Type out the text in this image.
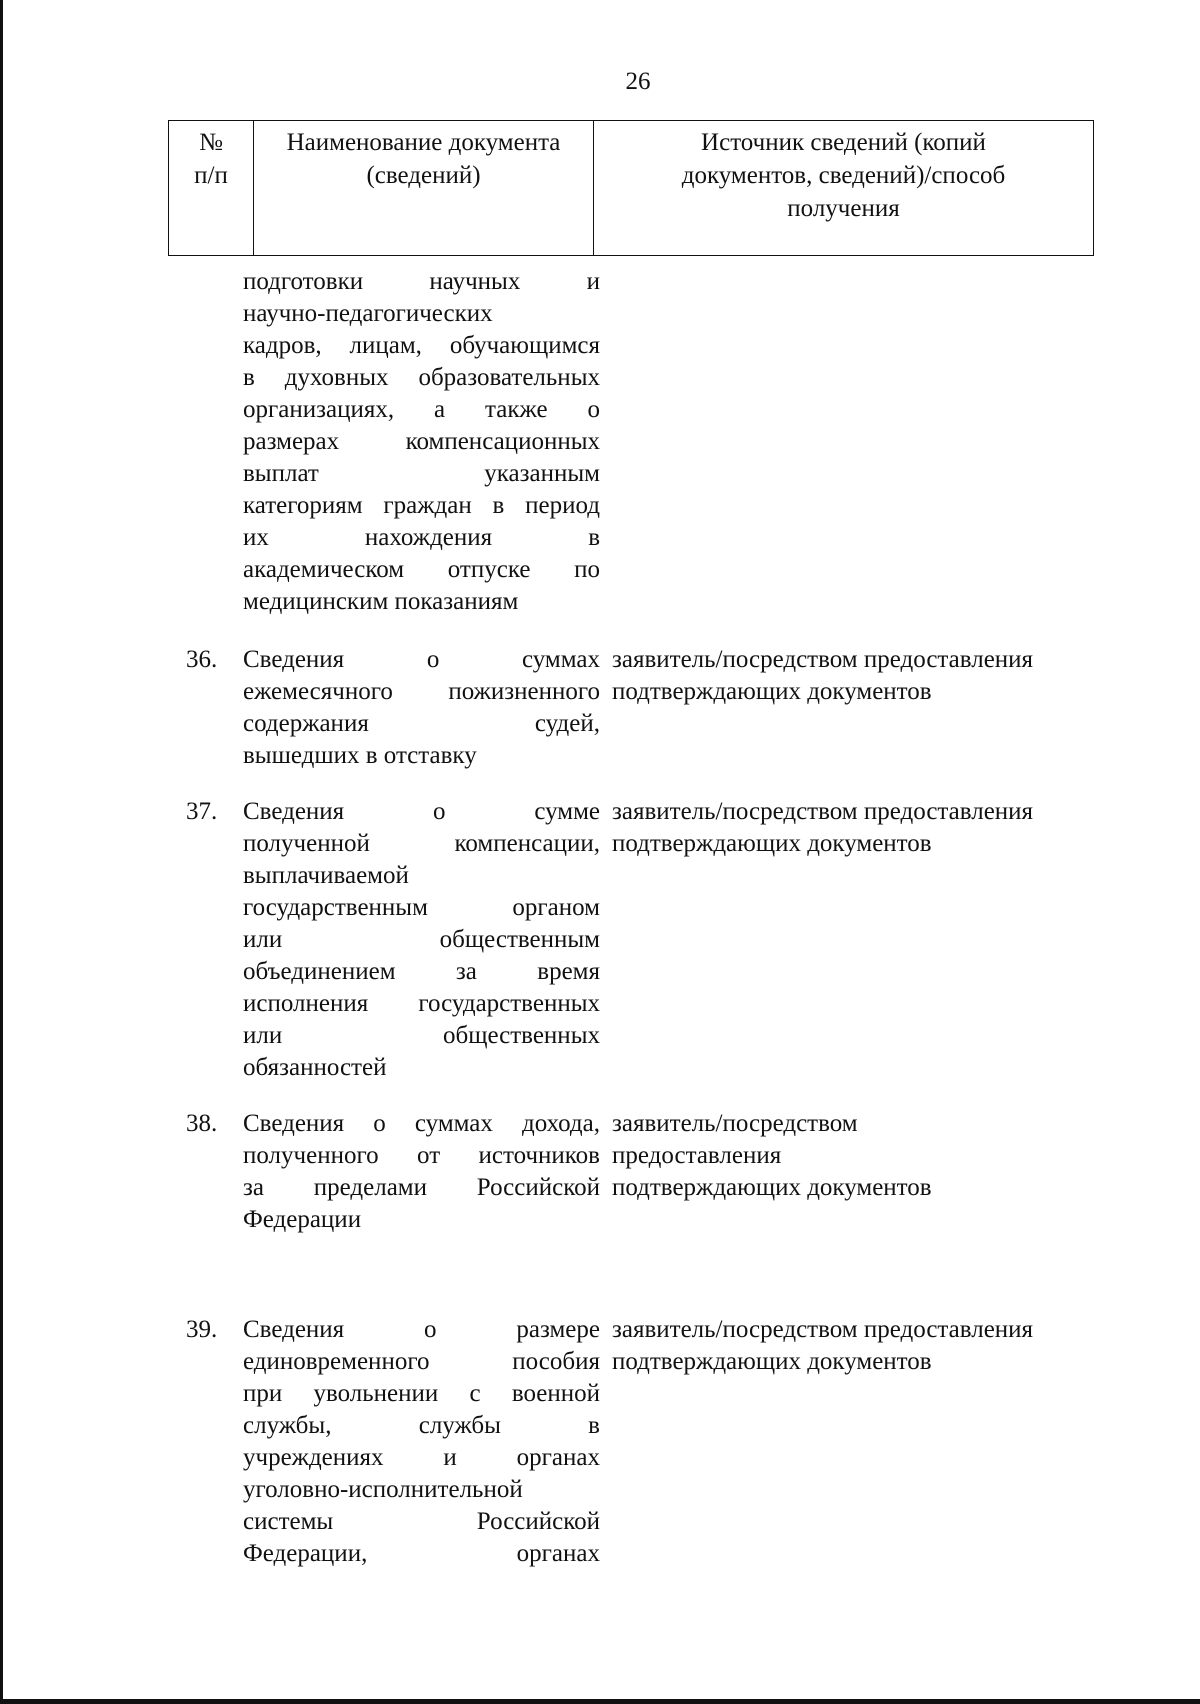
26
№
п/п
Наименование документа
(сведений)
Источник сведений (копий
документов, сведений)/способ
получения
подготовки научных и
научно-педагогических
кадров, лицам, обучающимся
в духовных образовательных
организациях, а также о
размерах компенсационных
выплат указанным
категориям граждан в период
их нахождения в
академическом отпуске по
медицинским показаниям
36. Сведения о суммах
ежемесячного пожизненного
содержания судей,
вышедших в отставку
заявитель/посредством предоставления
подтверждающих документов
37. Сведения о сумме
полученной компенсации,
выплачиваемой
государственным органом
или общественным
объединением за время
исполнения государственных
или общественных
обязанностей
заявитель/посредством предоставления
подтверждающих документов
38. Сведения о суммах дохода,
полученного от источников
за пределами Российской
Федерации
заявитель/посредством
предоставления
подтверждающих документов
39. Сведения о размере
единовременного пособия
при увольнении с военной
службы, службы в
учреждениях и органах
уголовно-исполнительной
системы Российской
Федерации, органах
заявитель/посредством предоставления
подтверждающих документов
